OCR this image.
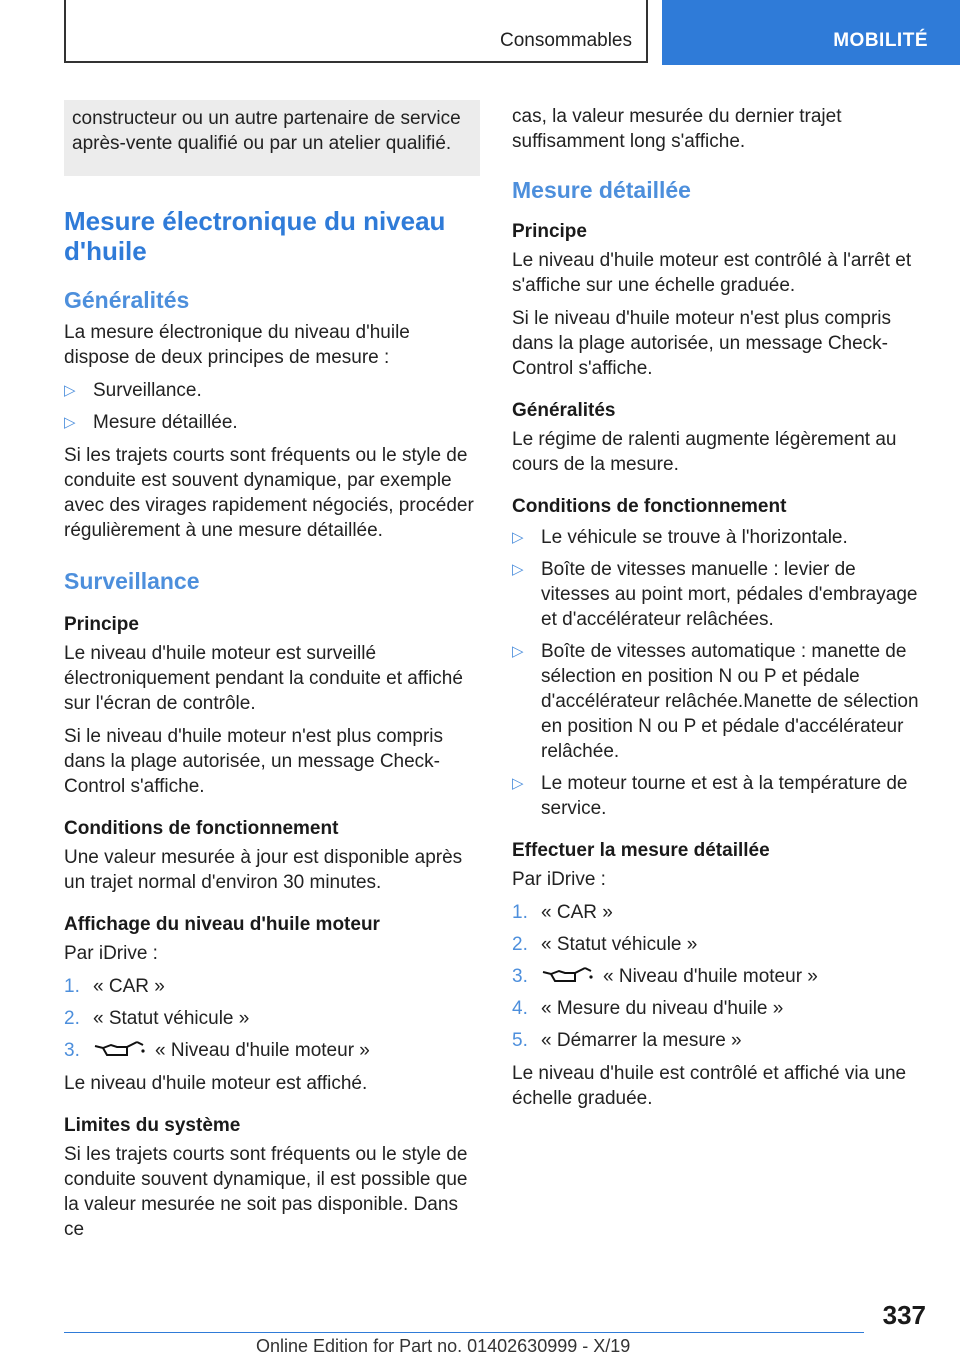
Consommables	MOBILITÉ
constructeur ou un autre partenaire de service après-vente qualifié ou par un atelier qualifié.
Mesure électronique du niveau d'huile
Généralités

La mesure électronique du niveau d'huile dispose de deux principes de mesure :

▷ Surveillance.
▷ Mesure détaillée.

Si les trajets courts sont fréquents ou le style de conduite est souvent dynamique, par exemple avec des virages rapidement négociés, procéder régulièrement à une mesure détaillée.

Surveillance
Principe

Le niveau d'huile moteur est surveillé électroniquement pendant la conduite et affiché sur l'écran de contrôle.

Si le niveau d'huile moteur n'est plus compris dans la plage autorisée, un message Check-Control s'affiche.

Conditions de fonctionnement

Une valeur mesurée à jour est disponible après un trajet normal d'environ 30 minutes.

Affichage du niveau d'huile moteur

Par iDrive :

1. « CAR »
2. « Statut véhicule »
3.	« Niveau d'huile moteur »

Le niveau d'huile moteur est affiché.

Limites du système

Si les trajets courts sont fréquents ou le style de conduite souvent dynamique, il est possible que la valeur mesurée ne soit pas disponible. Dans ce

cas, la valeur mesurée du dernier trajet suffisamment long s'affiche.

Mesure détaillée
Principe

Le niveau d'huile moteur est contrôlé à l'arrêt et s'affiche sur une échelle graduée.

Si le niveau d'huile moteur n'est plus compris dans la plage autorisée, un message Check-Control s'affiche.

Généralités

Le régime de ralenti augmente légèrement au cours de la mesure.

Conditions de fonctionnement
▷ Le véhicule se trouve à l'horizontale.
▷ Boîte de vitesses manuelle : levier de vitesses au point mort, pédales d'embrayage et d'accélérateur relâchées.
▷ Boîte de vitesses automatique : manette de sélection en position N ou P et pédale d'accélérateur relâchée.Manette de sélection en position N ou P et pédale d'accélérateur relâchée.
▷ Le moteur tourne et est à la température de service.
Effectuer la mesure détaillée

Par iDrive :

1. « CAR »
2. « Statut véhicule »
3.	« Niveau d'huile moteur »
4. « Mesure du niveau d'huile »
5. « Démarrer la mesure »

Le niveau d'huile est contrôlé et affiché via une échelle graduée.

337
Online Edition for Part no. 01402630999 - X/19
